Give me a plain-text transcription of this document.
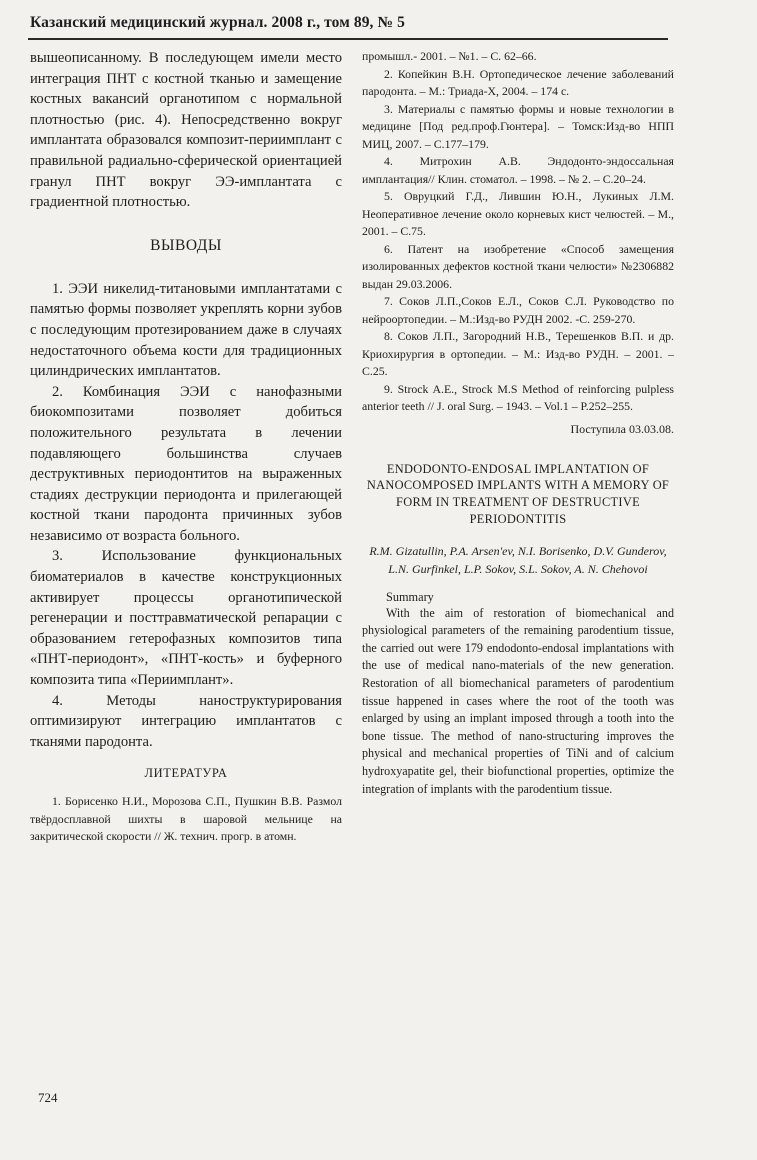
Казанский медицинский журнал. 2008 г., том 89, № 5

вышеописанному. В последующем имели место интеграция ПНТ с костной тканью и замещение костных вакансий органотипом с нормальной плотностью (рис. 4). Непосредственно вокруг имплантата образовался композит-периимплант с правильной радиально-сферической ориентацией гранул ПНТ вокруг ЭЭ-имплантата с градиентной плотностью.

ВЫВОДЫ

1. ЭЭИ никелид-титановыми имплантатами с памятью формы позволяет укреплять корни зубов с последующим протезированием даже в случаях недостаточного объема кости для традиционных цилиндрических имплантатов.

2. Комбинация ЭЭИ с нанофазными биокомпозитами позволяет добиться положительного результата в лечении подавляющего большинства случаев деструктивных периодонтитов на выраженных стадиях деструкции периодонта и прилегающей костной ткани пародонта причинных зубов независимо от возраста больного.

3. Использование функциональных биоматериалов в качестве конструкционных активирует процессы органотипической регенерации и посттравматической репарации с образованием гетерофазных композитов типа «ПНТ-периодонт», «ПНТ-кость» и буферного композита типа «Периимплант».

4. Методы наноструктурирования оптимизируют интеграцию имплантатов с тканями пародонта.

ЛИТЕРАТУРА

1. Борисенко Н.И., Морозова С.П., Пушкин В.В. Размол твёрдосплавной шихты в шаровой мельнице на закритической скорости // Ж. технич. прогр. в атомн.

промышл.- 2001. – №1. – С. 62–66.

2. Копейкин В.Н. Ортопедическое лечение заболеваний пародонта. – М.: Триада-Х, 2004. – 174 с.

3. Материалы с памятью формы и новые технологии в медицине [Под ред.проф.Гюнтера]. – Томск:Изд-во НПП МИЦ, 2007. – С.177–179.

4. Митрохин А.В. Эндодонто-эндоссальная имплантация// Клин. стоматол. – 1998. – № 2. – С.20–24.

5. Овруцкий Г.Д., Лившин Ю.Н., Лукиных Л.М. Неоперативное лечение около корневых кист челюстей. – М., 2001. – С.75.

6. Патент на изобретение «Способ замещения изолированных дефектов костной ткани челюсти» №2306882 выдан 29.03.2006.

7. Соков Л.П.,Соков Е.Л., Соков С.Л. Руководство по нейроортопедии. – М.:Изд-во РУДН 2002. -С. 259-270.

8. Соков Л.П., Загородний Н.В., Терешенков В.П. и др. Криохирургия в ортопедии. – М.: Изд-во РУДН. – 2001. – С.25.

9. Strock A.E., Strock M.S Method of reinforcing pulpless anterior teeth // J. oral Surg. – 1943. – Vol.1 – P.252–255.

Поступила 03.03.08.

ENDODONTO-ENDOSAL IMPLANTATION OF NANOCOMPOSED IMPLANTS WITH A MEMORY OF FORM IN TREATMENT OF DESTRUCTIVE PERIODONTITIS

R.M. Gizatullin, P.A. Arsen'ev, N.I. Borisenko, D.V. Gunderov, L.N. Gurfinkel, L.P. Sokov, S.L. Sokov, A. N. Chehovoi

Summary

With the aim of restoration of biomechanical and physiological parameters of the remaining parodentium tissue, the carried out were 179 endodonto-endosal implantations with the use of medical nano-materials of the new generation. Restoration of all biomechanical parameters of parodentium tissue happened in cases where the root of the tooth was enlarged by using an implant imposed through a tooth into the bone tissue. The method of nano-structuring improves the physical and mechanical properties of TiNi and of calcium hydroxyapatite gel, their biofunctional properties, optimize the integration of implants with the parodentium tissue.

724
